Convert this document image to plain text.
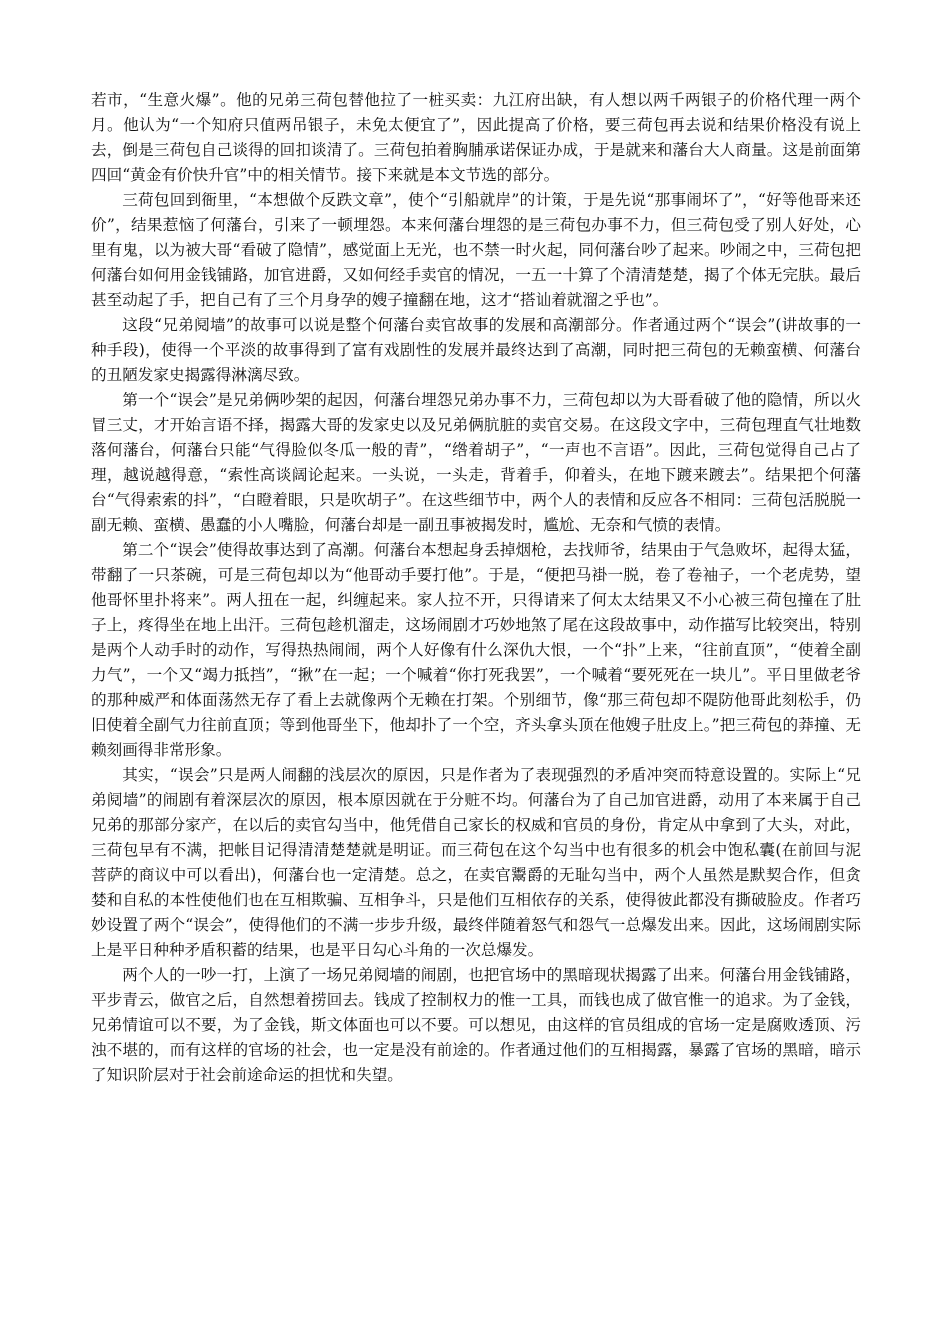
若市，“生意火爆”。他的兄弟三荷包替他拉了一桩买卖：九江府出缺，有人想以两千两银子的价格代理一两个月。他认为“一个知府只值两吊银子，未免太便宜了”，因此提高了价格，要三荷包再去说和结果价格没有说上去，倒是三荷包自己谈得的回扣谈清了。三荷包拍着胸脯承诺保证办成，于是就来和藩台大人商量。这是前面第四回“黄金有价快升官”中的相关情节。接下来就是本文节选的部分。

三荷包回到衙里，“本想做个反跌文章”，使个“引船就岸”的计策，于是先说“那事闹坏了”，“好等他哥来还价”，结果惹恼了何藩台，引来了一顿埋怨。本来何藩台埋怨的是三荷包办事不力，但三荷包受了别人好处，心里有鬼，以为被大哥“看破了隐情”，感觉面上无光，也不禁一时火起，同何藩台吵了起来。吵闹之中，三荷包把何藩台如何用金钱铺路，加官进爵，又如何经手卖官的情况，一五一十算了个清清楚楚，揭了个体无完肤。最后甚至动起了手，把自己有了三个月身孕的嫂子撞翻在地，这才“搭讪着就溜之乎也”。

这段“兄弟阋墙”的故事可以说是整个何藩台卖官故事的发展和高潮部分。作者通过两个“误会”(讲故事的一种手段)，使得一个平淡的故事得到了富有戏剧性的发展并最终达到了高潮，同时把三荷包的无赖蛮横、何藩台的丑陋发家史揭露得淋漓尽致。

第一个“误会”是兄弟俩吵架的起因，何藩台埋怨兄弟办事不力，三荷包却以为大哥看破了他的隐情，所以火冒三丈，才开始言语不择，揭露大哥的发家史以及兄弟俩肮脏的卖官交易。在这段文字中，三荷包理直气壮地数落何藩台，何藩台只能“气得脸似冬瓜一般的青”，“绺着胡子”，“一声也不言语”。因此，三荷包觉得自己占了理，越说越得意，“索性高谈阔论起来。一头说，一头走，背着手，仰着头，在地下踱来踱去”。结果把个何藩台“气得索索的抖”，“白瞪着眼，只是吹胡子”。在这些细节中，两个人的表情和反应各不相同：三荷包活脱脱一副无赖、蛮横、愚蠢的小人嘴脸，何藩台却是一副丑事被揭发时，尴尬、无奈和气愤的表情。

第二个“误会”使得故事达到了高潮。何藩台本想起身丢掉烟枪，去找师爷，结果由于气急败坏，起得太猛，带翻了一只茶碗，可是三荷包却以为“他哥动手要打他”。于是，“便把马褂一脱，卷了卷袖子，一个老虎势，望他哥怀里扑将来”。两人扭在一起，纠缠起来。家人拉不开，只得请来了何太太结果又不小心被三荷包撞在了肚子上，疼得坐在地上出汗。三荷包趁机溜走，这场闹剧才巧妙地煞了尾在这段故事中，动作描写比较突出，特别是两个人动手时的动作，写得热热闹闹，两个人好像有什么深仇大恨，一个“扑”上来，“往前直顶”，“使着全副力气”，一个又“竭力抵挡”，“揪”在一起；一个喊着“你打死我罢”，一个喊着“要死死在一块儿”。平日里做老爷的那种威严和体面荡然无存了看上去就像两个无赖在打架。个别细节，像“那三荷包却不隄防他哥此刻松手，仍旧使着全副气力往前直顶；等到他哥坐下，他却扑了一个空，齐头拿头顶在他嫂子肚皮上。”把三荷包的莽撞、无赖刻画得非常形象。

其实，“误会”只是两人闹翻的浅层次的原因，只是作者为了表现强烈的矛盾冲突而特意设置的。实际上“兄弟阋墙”的闹剧有着深层次的原因，根本原因就在于分赃不均。何藩台为了自己加官进爵，动用了本来属于自己兄弟的那部分家产，在以后的卖官勾当中，他凭借自己家长的权威和官员的身份，肯定从中拿到了大头，对此，三荷包早有不满，把帐目记得清清楚楚就是明证。而三荷包在这个勾当中也有很多的机会中饱私囊(在前回与泥菩萨的商议中可以看出)，何藩台也一定清楚。总之，在卖官鬻爵的无耻勾当中，两个人虽然是默契合作，但贪婪和自私的本性使他们也在互相欺骗、互相争斗，只是他们互相依存的关系，使得彼此都没有撕破脸皮。作者巧妙设置了两个“误会”，使得他们的不满一步步升级，最终伴随着怒气和怨气一总爆发出来。因此，这场闹剧实际上是平日种种矛盾积蓄的结果，也是平日勾心斗角的一次总爆发。

两个人的一吵一打，上演了一场兄弟阋墙的闹剧，也把官场中的黑暗现状揭露了出来。何藩台用金钱铺路，平步青云，做官之后，自然想着捞回去。钱成了控制权力的惟一工具，而钱也成了做官惟一的追求。为了金钱，兄弟情谊可以不要，为了金钱，斯文体面也可以不要。可以想见，由这样的官员组成的官场一定是腐败透顶、污浊不堪的，而有这样的官场的社会，也一定是没有前途的。作者通过他们的互相揭露，暴露了官场的黑暗，暗示了知识阶层对于社会前途命运的担忧和失望。
